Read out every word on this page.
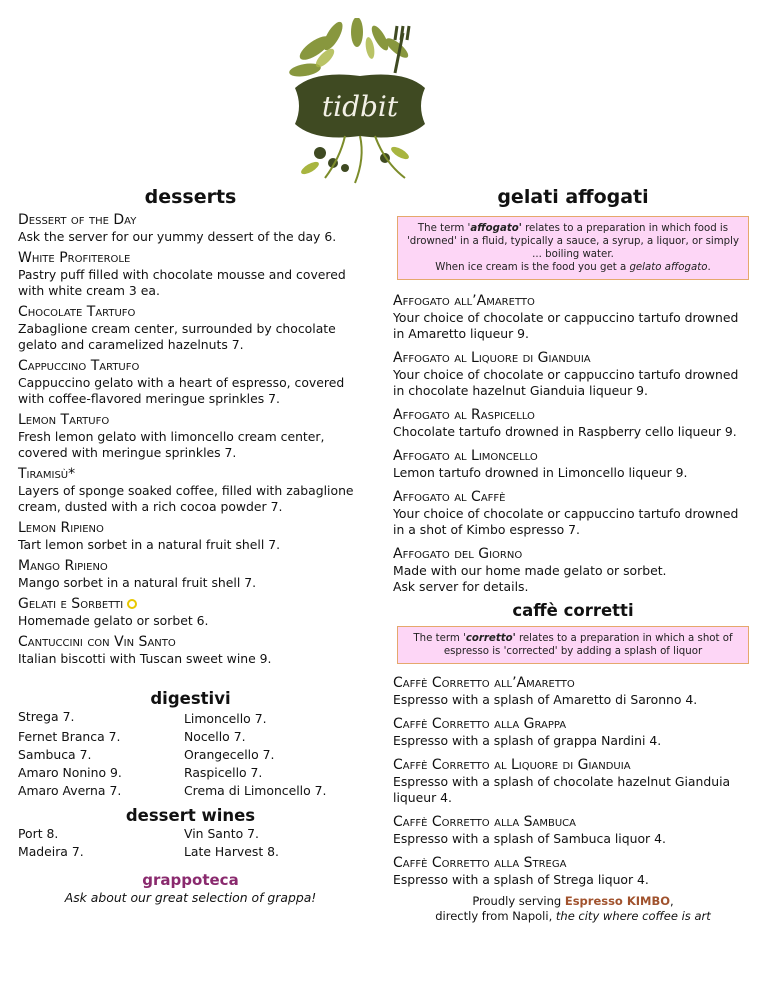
tidbit
desserts
Dessert of the Day
Ask the server for our yummy dessert of the day 6.
White Profiterole
Pastry puff filled with chocolate mousse and covered with white cream 3 ea.
Chocolate Tartufo
Zabaglione cream center, surrounded by chocolate gelato and caramelized hazelnuts 7.
Cappuccino Tartufo
Cappuccino gelato with a heart of espresso, covered with coffee-flavored meringue sprinkles 7.
Lemon Tartufo
Fresh lemon gelato with limoncello cream center, covered with meringue sprinkles 7.
Tiramisù*
Layers of sponge soaked coffee, filled with zabaglione cream, dusted with a rich cocoa powder 7.
Lemon Ripieno
Tart lemon sorbet in a natural fruit shell 7.
Mango Ripieno
Mango sorbet in a natural fruit shell 7.
Gelati e Sorbetti
Homemade gelato or sorbet 6.
Cantuccini con Vin Santo
Italian biscotti with Tuscan sweet wine 9.
digestivi
Strega 7.	Limoncello 7.
Fernet Branca 7.	Nocello 7.
Sambuca 7.	Orangecello 7.
Amaro Nonino 9.	Raspicello 7.
Amaro Averna 7.	Crema di Limoncello 7.
dessert wines
Port 8.	Vin Santo 7.
Madeira 7.	Late Harvest 8.
grappoteca
Ask about our great selection of grappa!
gelati affogati
The term 'affogato' relates to a preparation in which food is 'drowned' in a fluid, typically a sauce, a syrup, a liquor, or simply ... boiling water.
When ice cream is the food you get a gelato affogato.
Affogato all’Amaretto
Your choice of chocolate or cappuccino tartufo drowned in Amaretto liqueur 9.
Affogato al Liquore di Gianduia
Your choice of chocolate or cappuccino tartufo drowned in chocolate hazelnut Gianduia liqueur 9.
Affogato al Raspicello
Chocolate tartufo drowned in Raspberry cello liqueur 9.
Affogato al Limoncello
Lemon tartufo drowned in Limoncello liqueur 9.
Affogato al Caffè
Your choice of chocolate or cappuccino tartufo drowned in a shot of Kimbo espresso 7.
Affogato del Giorno
Made with our home made gelato or sorbet.
Ask server for details.
caffè corretti
The term 'corretto' relates to a preparation in which a shot of espresso is 'corrected' by adding a splash of liquor
Caffè Corretto all’Amaretto
Espresso with a splash of Amaretto di Saronno 4.
Caffè Corretto alla Grappa
Espresso with a splash of grappa Nardini 4.
Caffè Corretto al Liquore di Gianduia
Espresso with a splash of chocolate hazelnut Gianduia liqueur 4.
Caffè Corretto alla Sambuca
Espresso with a splash of Sambuca liquor 4.
Caffè Corretto alla Strega
Espresso with a splash of Strega liquor 4.
Proudly serving Espresso KIMBO,
directly from Napoli, the city where coffee is art
